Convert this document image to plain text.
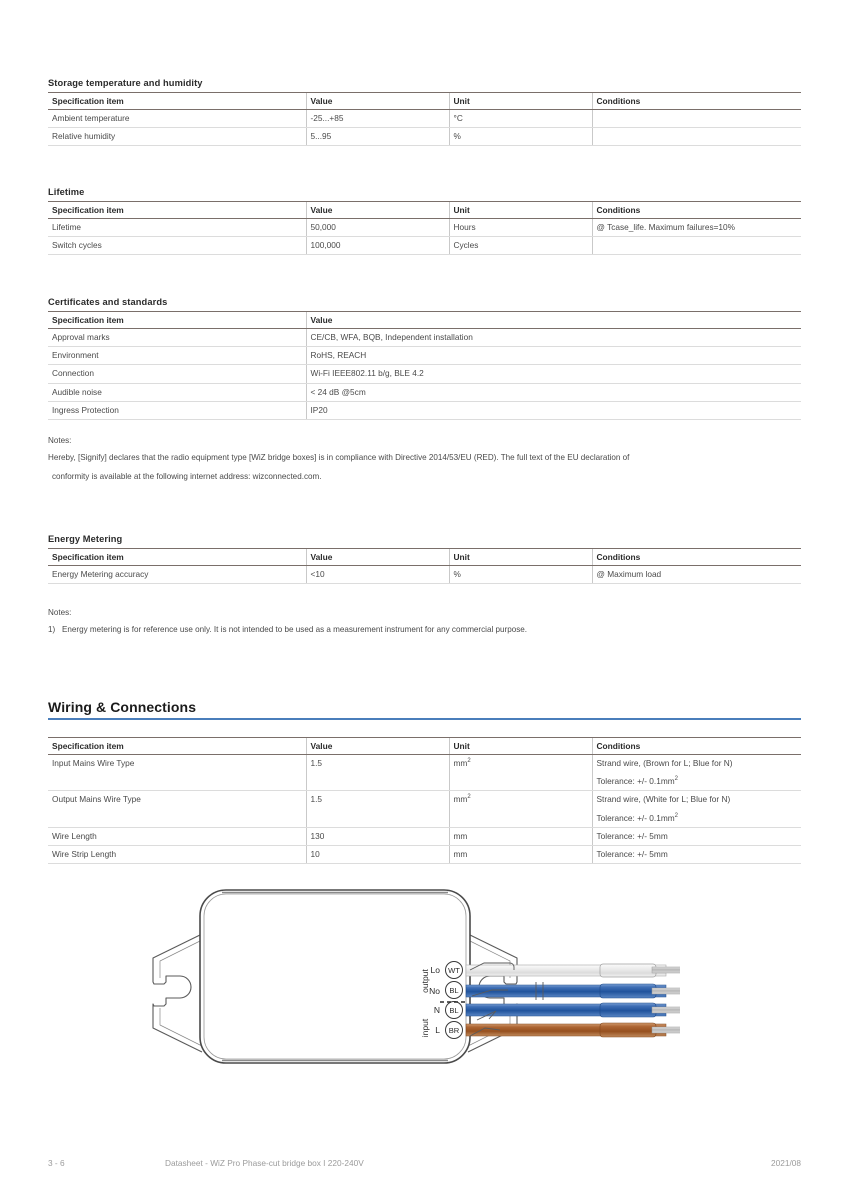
Storage temperature and humidity
Specification item	Value	Unit	Conditions
Ambient temperature	-25...+85	°C	
Relative humidity	5...95	%	
Lifetime
Specification item	Value	Unit	Conditions
Lifetime	50,000	Hours	@ Tcase_life. Maximum failures=10%
Switch cycles	100,000	Cycles	
Certificates and standards
Specification item	Value
Approval marks	CE/CB, WFA, BQB, Independent installation
Environment	RoHS, REACH
Connection	Wi-Fi IEEE802.11 b/g, BLE 4.2
Audible noise	< 24 dB @5cm
Ingress Protection	IP20
Notes:
Hereby, [Signify] declares that the radio equipment type [WiZ bridge boxes] is in compliance with Directive 2014/53/EU (RED). The full text of the EU declaration of
conformity is available at the following internet address: wizconnected.com.
Energy Metering
Specification item	Value	Unit	Conditions
Energy Metering accuracy	<10	%	@ Maximum load
Notes:
1) Energy metering is for reference use only. It is not intended to be used as a measurement instrument for any commercial purpose.
Wiring & Connections
Specification item	Value	Unit	Conditions
Input Mains Wire Type	1.5	$mm^2$	Strand wire, (Brown for L; Blue for N)
Tolerance: +/- $0.1mm^2$

Output Mains Wire Type	1.5	$mm^2$	Strand wire, (White for L; Blue for N)
Tolerance: +/- $0.1mm^2$

Wire Length	130	mm	Tolerance: +/- 5mm
Wire Strip Length	10	mm	Tolerance: +/- 5mm
Lo
No
N
L
WT
BL
BL
BR
output
input
3 - 6	Datasheet - WiZ Pro Phase-cut bridge box I 220-240V	2021/08
